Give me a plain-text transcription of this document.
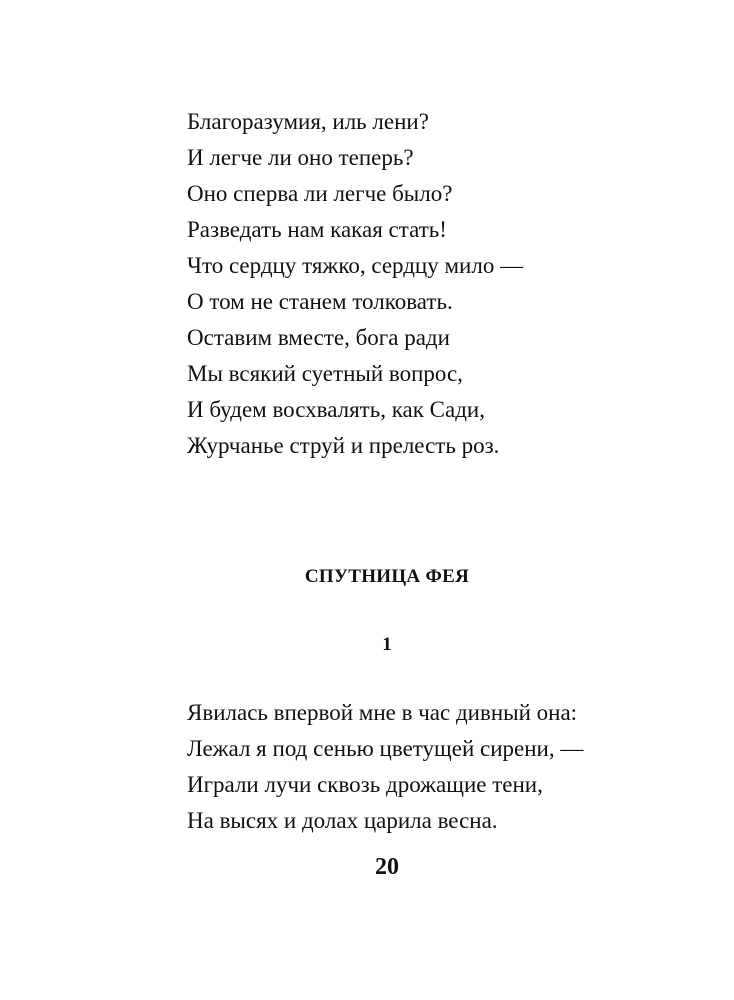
Благоразумия, иль лени?
И легче ли оно теперь?
Оно сперва ли легче было?
Разведать нам какая стать!
Что сердцу тяжко, сердцу мило —
О том не станем толковать.
Оставим вместе, бога ради
Мы всякий суетный вопрос,
И будем восхвалять, как Сади,
Журчанье струй и прелесть роз.
СПУТНИЦА ФЕЯ
1
Явилась впервой мне в час дивный она:
Лежал я под сенью цветущей сирени, —
Играли лучи сквозь дрожащие тени,
На высях и долах царила весна.
20
